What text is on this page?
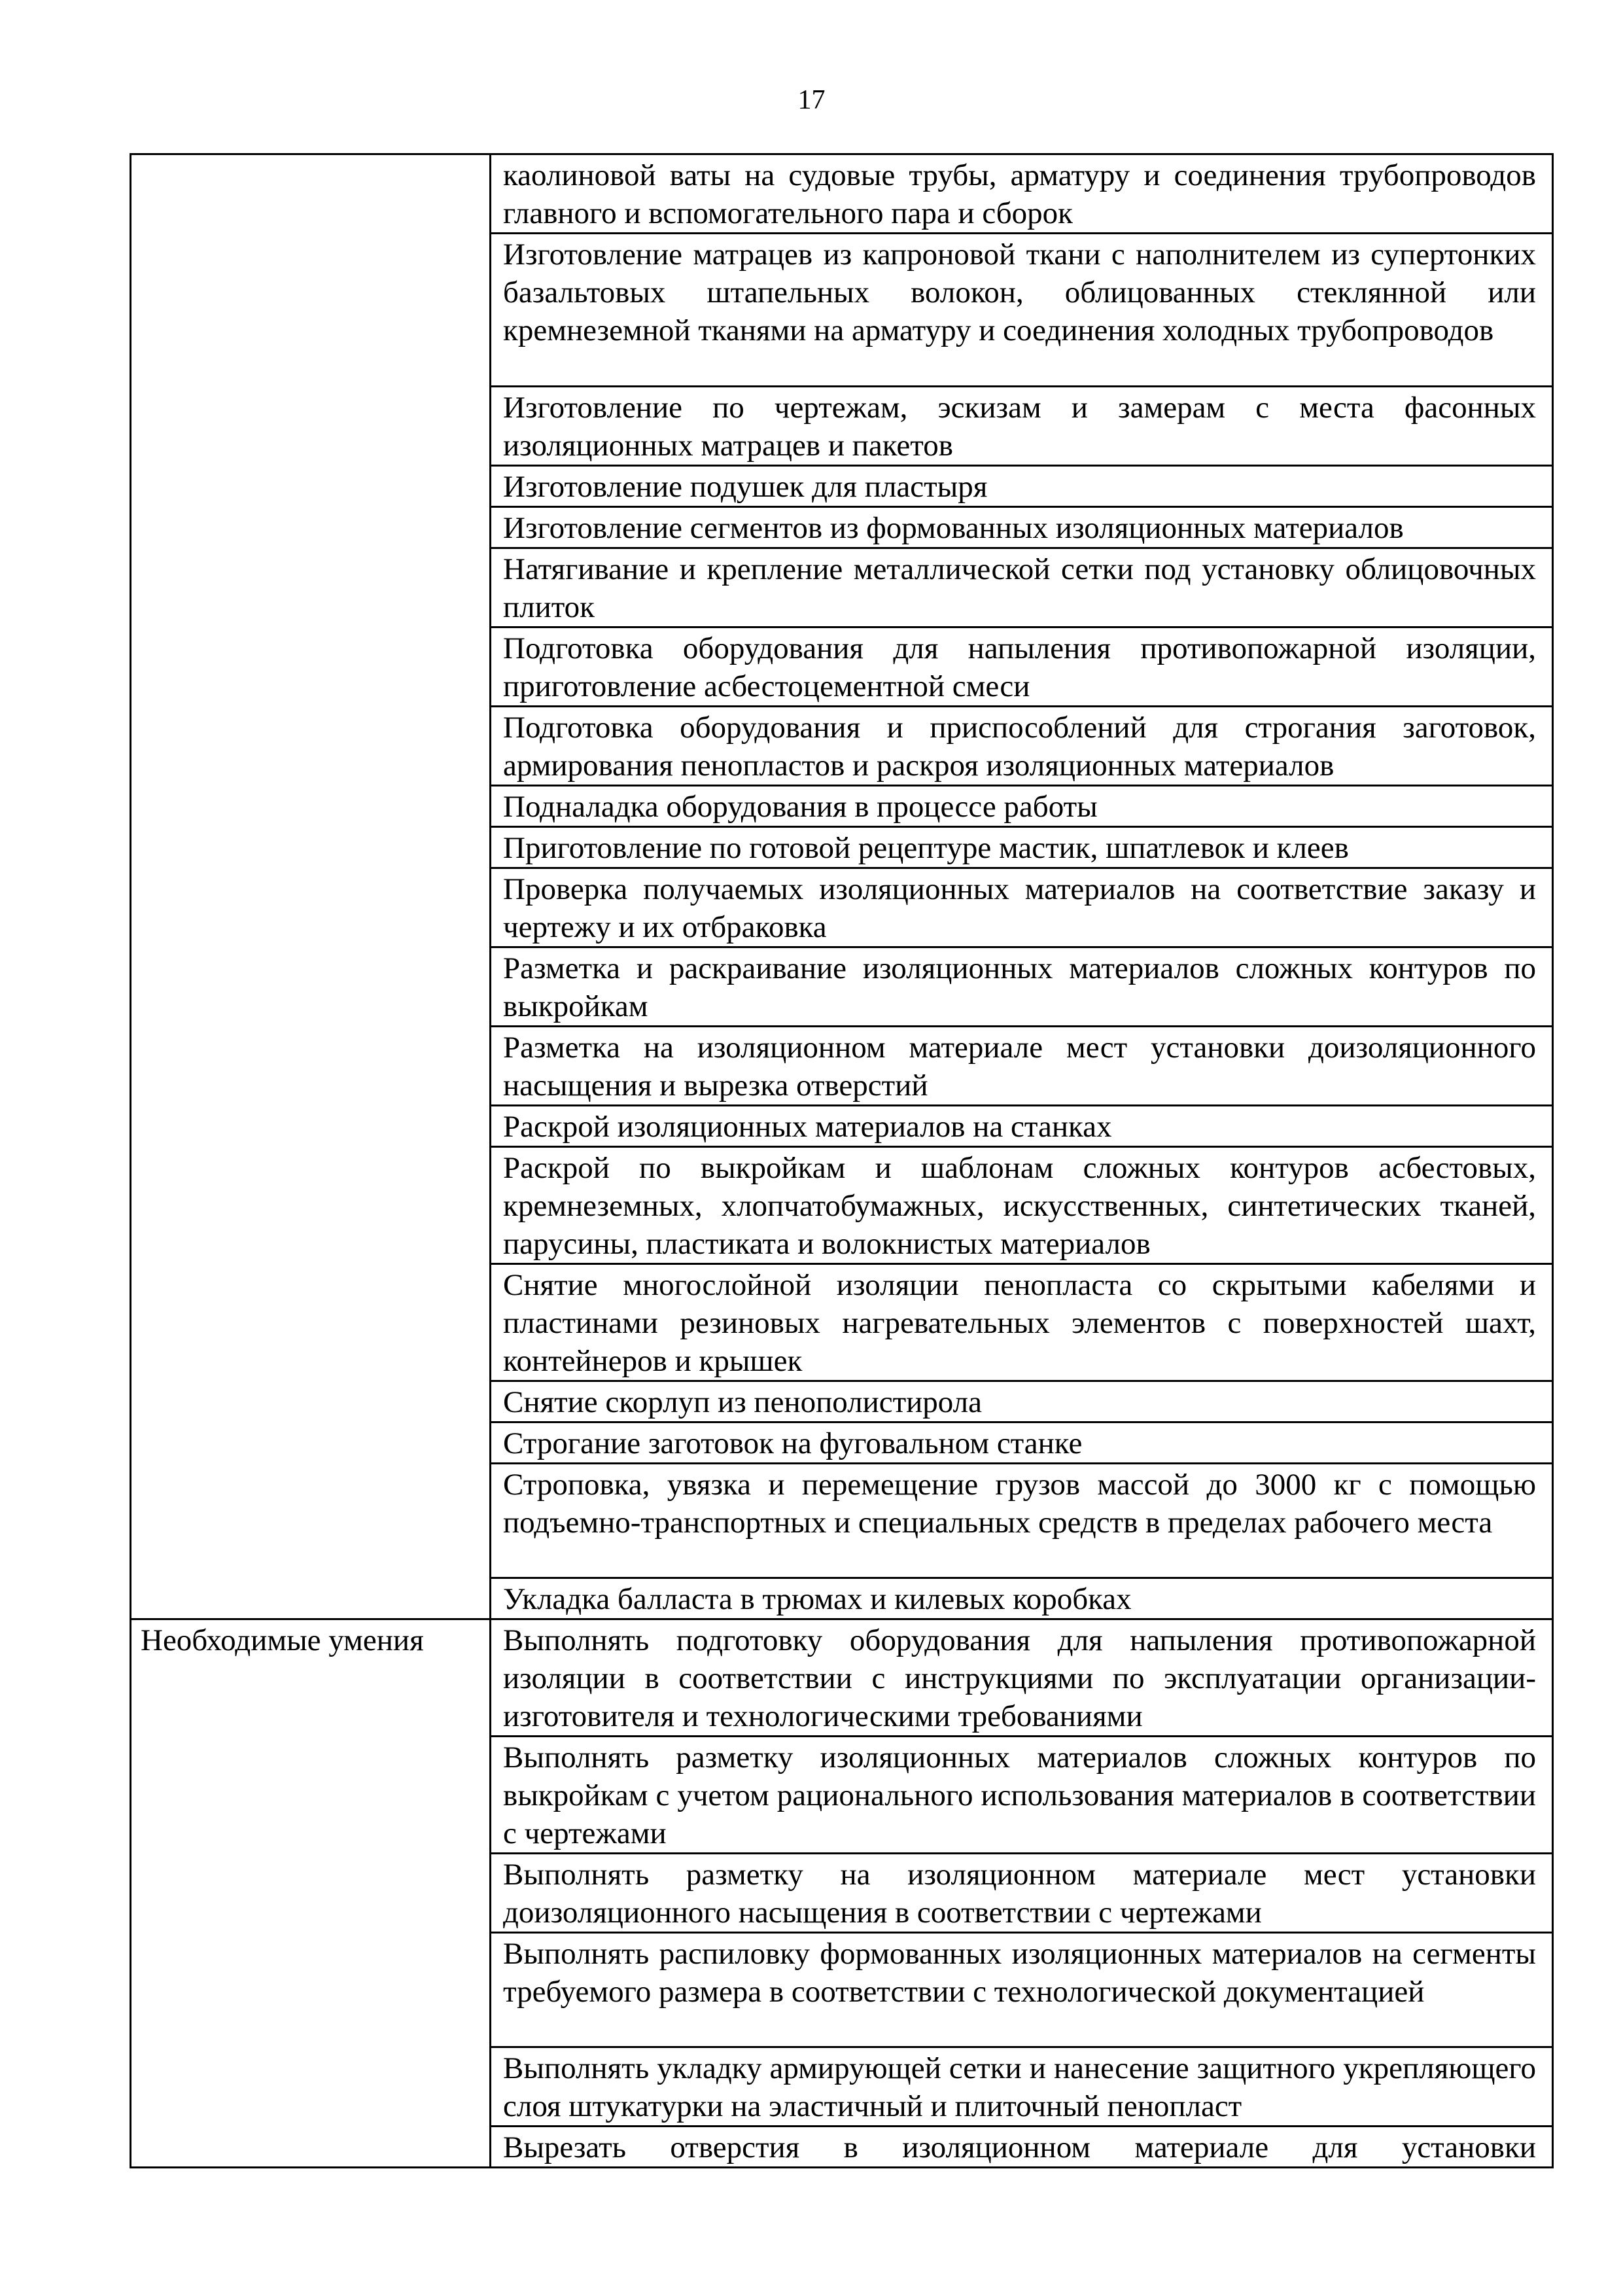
17
	каолиновой ваты на судовые трубы, арматуру и соединения трубопроводов главного и вспомогательного пара и сборок
	Изготовление матрацев из капроновой ткани с наполнителем из супертонких базальтовых штапельных волокон, облицованных стеклянной или кремнеземной тканями на арматуру и соединения холодных трубопроводов
	Изготовление по чертежам, эскизам и замерам с места фасонных изоляционных матрацев и пакетов
	Изготовление подушек для пластыря
	Изготовление сегментов из формованных изоляционных материалов
	Натягивание и крепление металлической сетки под установку облицовочных плиток
	Подготовка оборудования для напыления противопожарной изоляции, приготовление асбестоцементной смеси
	Подготовка оборудования и приспособлений для строгания заготовок, армирования пенопластов и раскроя изоляционных материалов
	Подналадка оборудования в процессе работы
	Приготовление по готовой рецептуре мастик, шпатлевок и клеев
	Проверка получаемых изоляционных материалов на соответствие заказу и чертежу и их отбраковка
	Разметка и раскраивание изоляционных материалов сложных контуров по выкройкам
	Разметка на изоляционном материале мест установки доизоляционного насыщения и вырезка отверстий
	Раскрой изоляционных материалов на станках
	Раскрой по выкройкам и шаблонам сложных контуров асбестовых, кремнеземных, хлопчатобумажных, искусственных, синтетических тканей, парусины, пластиката и волокнистых материалов
	Снятие многослойной изоляции пенопласта со скрытыми кабелями и пластинами резиновых нагревательных элементов с поверхностей шахт, контейнеров и крышек
	Снятие скорлуп из пенополистирола
	Строгание заготовок на фуговальном станке
	Строповка, увязка и перемещение грузов массой до 3000 кг с помощью подъемно-транспортных и специальных средств в пределах рабочего места
	Укладка балласта в трюмах и килевых коробках
Необходимые умения	Выполнять подготовку оборудования для напыления противопожарной изоляции в соответствии с инструкциями по эксплуатации организации-изготовителя и технологическими требованиями
	Выполнять разметку изоляционных материалов сложных контуров по выкройкам с учетом рационального использования материалов в соответствии с чертежами
	Выполнять разметку на изоляционном материале мест установки доизоляционного насыщения в соответствии с чертежами
	Выполнять распиловку формованных изоляционных материалов на сегменты требуемого размера в соответствии с технологической документацией
	Выполнять укладку армирующей сетки и нанесение защитного укрепляющего слоя штукатурки на эластичный и плиточный пенопласт
	Вырезать отверстия в изоляционном материале для установки
